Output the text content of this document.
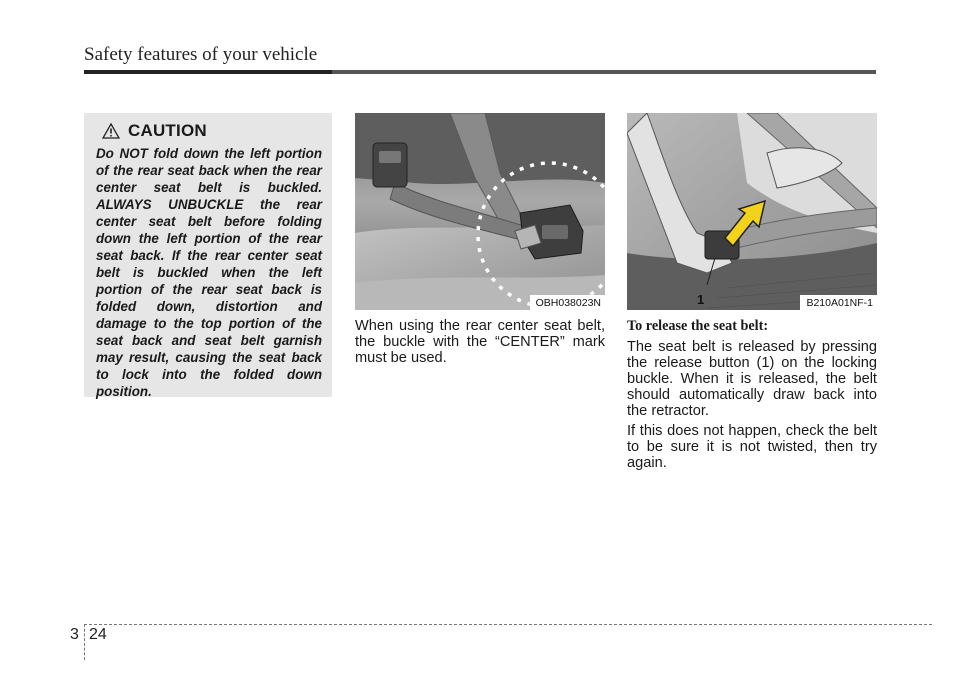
Safety features of your vehicle
CAUTION

Do NOT fold down the left portion of the rear seat back when the rear center seat belt is buckled. ALWAYS UNBUCKLE the rear center seat belt before folding down the left portion of the rear seat back. If the rear center seat belt is buckled when the left portion of the rear seat back is folded down, distortion and damage to the top portion of the seat back and seat belt garnish may result, causing the seat back to lock into the folded down position.

OBH038023N	1	B210A01NF-1

When using the rear center seat belt, the buckle with the “CENTER” mark must be used.

To release the seat belt:

The seat belt is released by pressing the release button (1) on the locking buckle. When it is released, the belt should automatically draw back into the retractor.

If this does not happen, check the belt to be sure it is not twisted, then try again.

3 24
